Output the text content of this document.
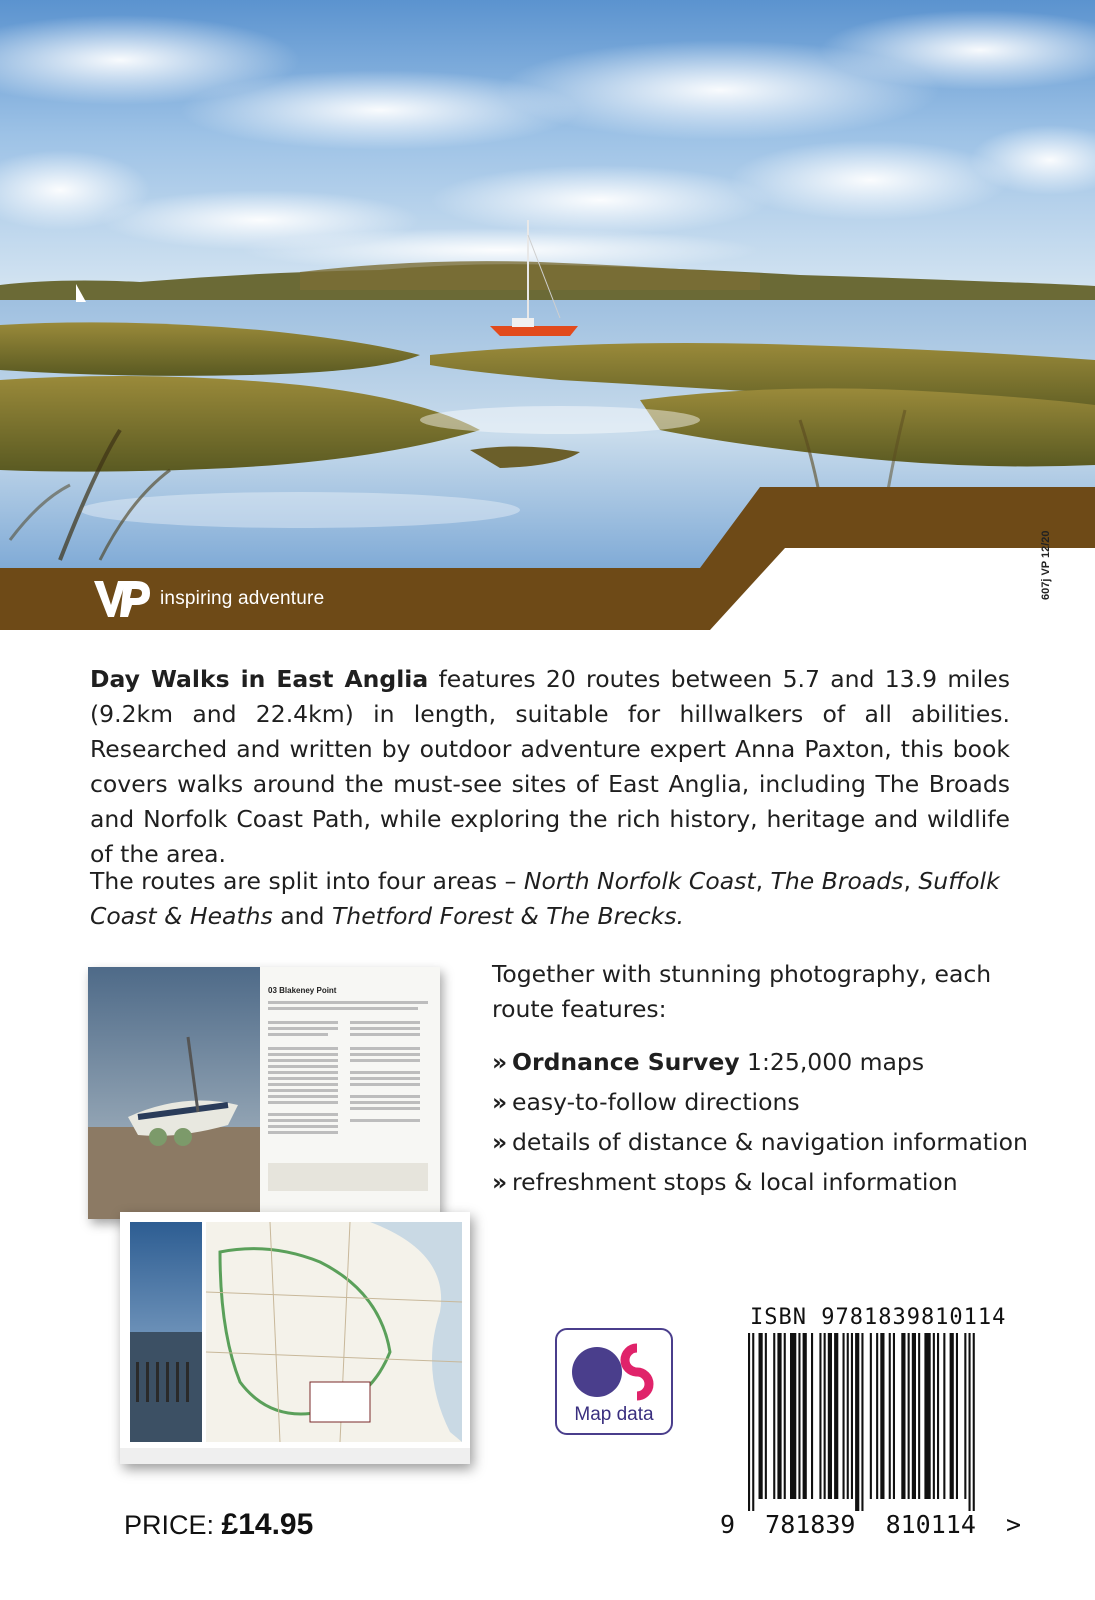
inspiring adventure	607j VP 12/20

Day Walks in East Anglia features 20 routes between 5.7 and 13.9 miles (9.2km and 22.4km) in length, suitable for hillwalkers of all abilities. Researched and written by outdoor adventure expert Anna Paxton, this book covers walks around the must-see sites of East Anglia, including The Broads and Norfolk Coast Path, while exploring the rich history, heritage and wildlife of the area.

The routes are split into four areas – North Norfolk Coast, The Broads, Suffolk Coast & Heaths and Thetford Forest & The Brecks.

03 Blakeney Point

Together with stunning photography, each route features:

» Ordnance Survey 1:25,000 maps
» easy-to-follow directions
» details of distance & navigation information
» refreshment stops & local information
Map data
ISBN 9781839810114
9  781839  810114  >
PRICE: £14.95
